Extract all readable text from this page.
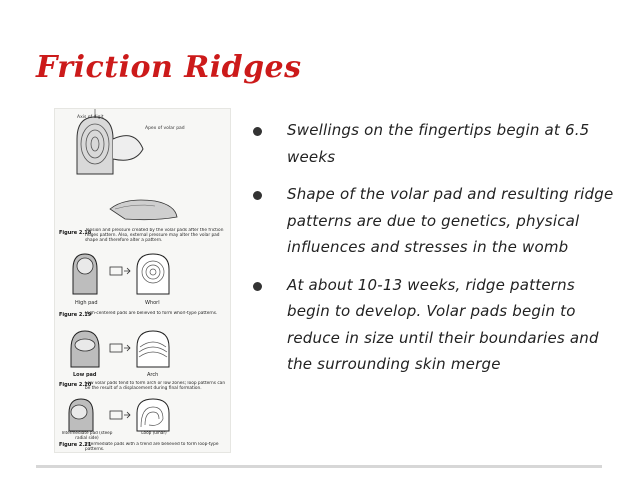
Friction Ridges
Axis of digit
Apex of volar pad
Figure 2.18
Tension and pressure created by the volar pads after the friction ridges pattern. Also, external pressure may alter the volar pad shape and therefore alter a pattern.
High pad	Whorl
Figure 2.19
High-centered pads are believed to form whorl-type patterns.
Low pad	Arch
Figure 2.20
Low volar pads tend to form arch or low zones; loop patterns can be the result of a displacement during final formation.
Intermediate pad (steep radial side)
Loop (ulnar)
Figure 2.21
Intermediate pads with a trend are believed to form loop-type patterns.
Swellings on the fingertips begin at 6.5 weeks
Shape of the volar pad and resulting ridge patterns are due to genetics, physical influences and stresses in the womb
At about 10-13 weeks, ridge patterns begin to develop. Volar pads begin to reduce in size until their boundaries and the surrounding skin merge
